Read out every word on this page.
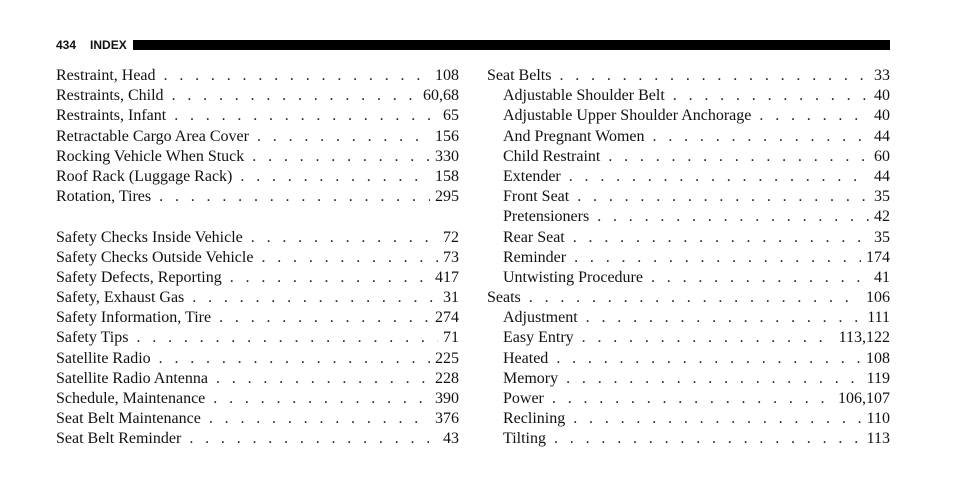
434 INDEX
Restraint, Head . . .	108
Restraints, Child . . .	60,68
Restraints, Infant . . .	65
Retractable Cargo Area Cover . . .	156
Rocking Vehicle When Stuck . . .	330
Roof Rack (Luggage Rack) . . .	158
Rotation, Tires . . .	295
Safety Checks Inside Vehicle . . .	72
Safety Checks Outside Vehicle . . .	73
Safety Defects, Reporting . . .	417
Safety, Exhaust Gas . . .	31
Safety Information, Tire . . .	274
Safety Tips . . .	71
Satellite Radio . . .	225
Satellite Radio Antenna . . .	228
Schedule, Maintenance . . .	390
Seat Belt Maintenance . . .	376
Seat Belt Reminder . . .	43
Seat Belts . . .	33
Adjustable Shoulder Belt . . .	40
Adjustable Upper Shoulder Anchorage . . .	40
And Pregnant Women . . .	44
Child Restraint . . .	60
Extender . . .	44
Front Seat . . .	35
Pretensioners . . .	42
Rear Seat . . .	35
Reminder . . .	174
Untwisting Procedure . . .	41
Seats . . .	106
Adjustment . . .	111
Easy Entry . . .	113,122
Heated . . .	108
Memory . . .	119
Power . . .	106,107
Reclining . . .	110
Tilting . . .	113
